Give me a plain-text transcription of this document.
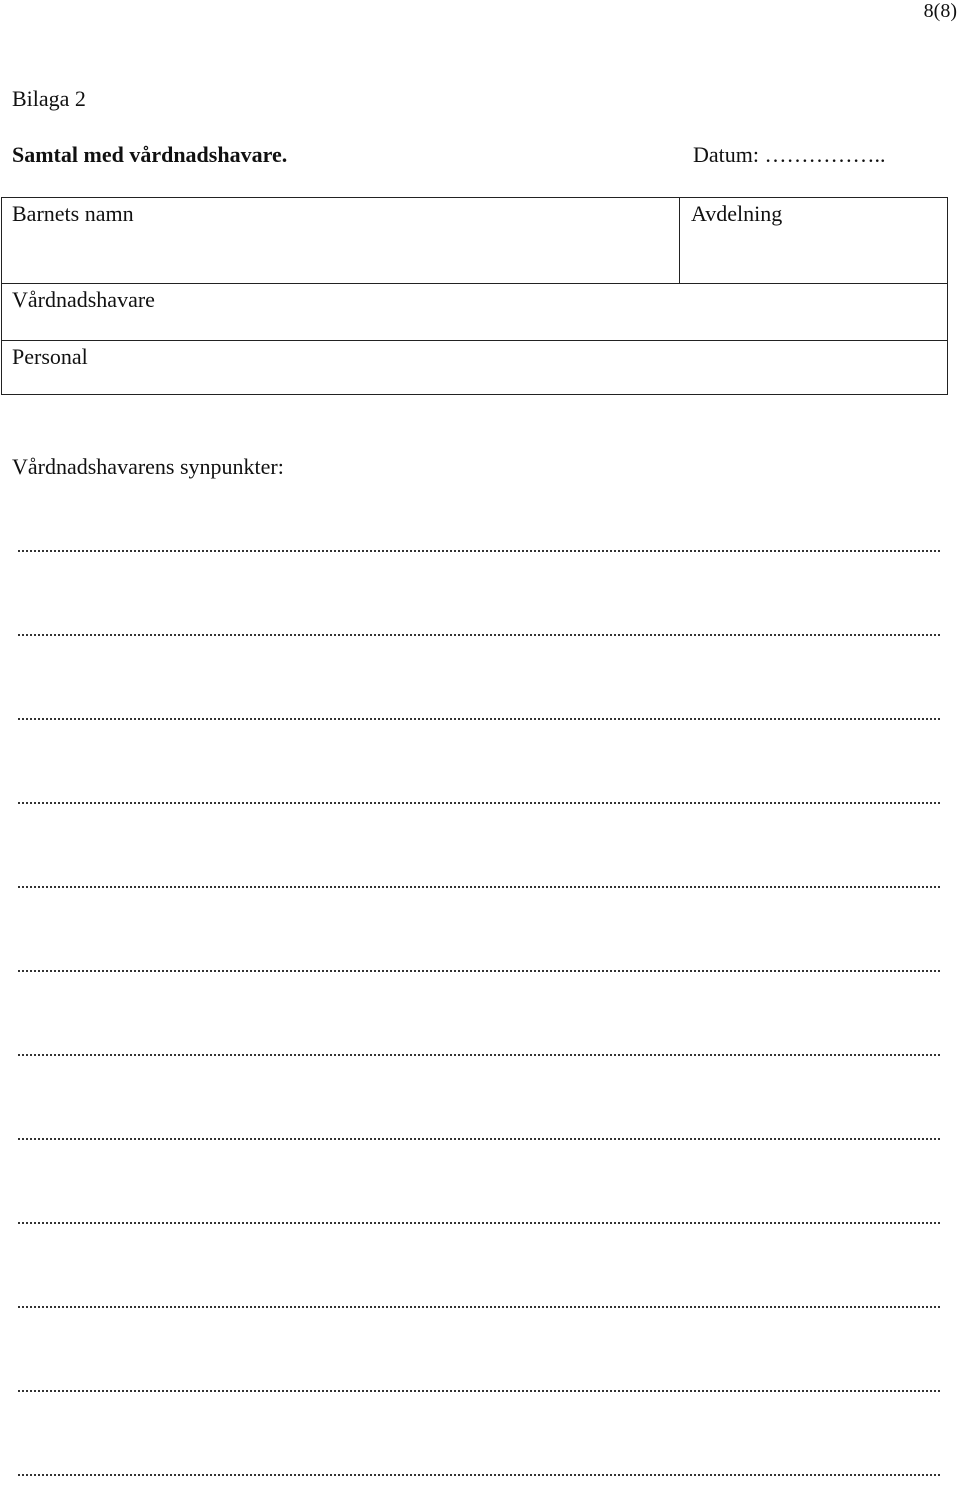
8(8)
Bilaga 2
Samtal med vårdnadshavare.	Datum: ……………..
Barnets namn	Avdelning
Vårdnadshavare
Personal
Vårdnadshavarens synpunkter:
